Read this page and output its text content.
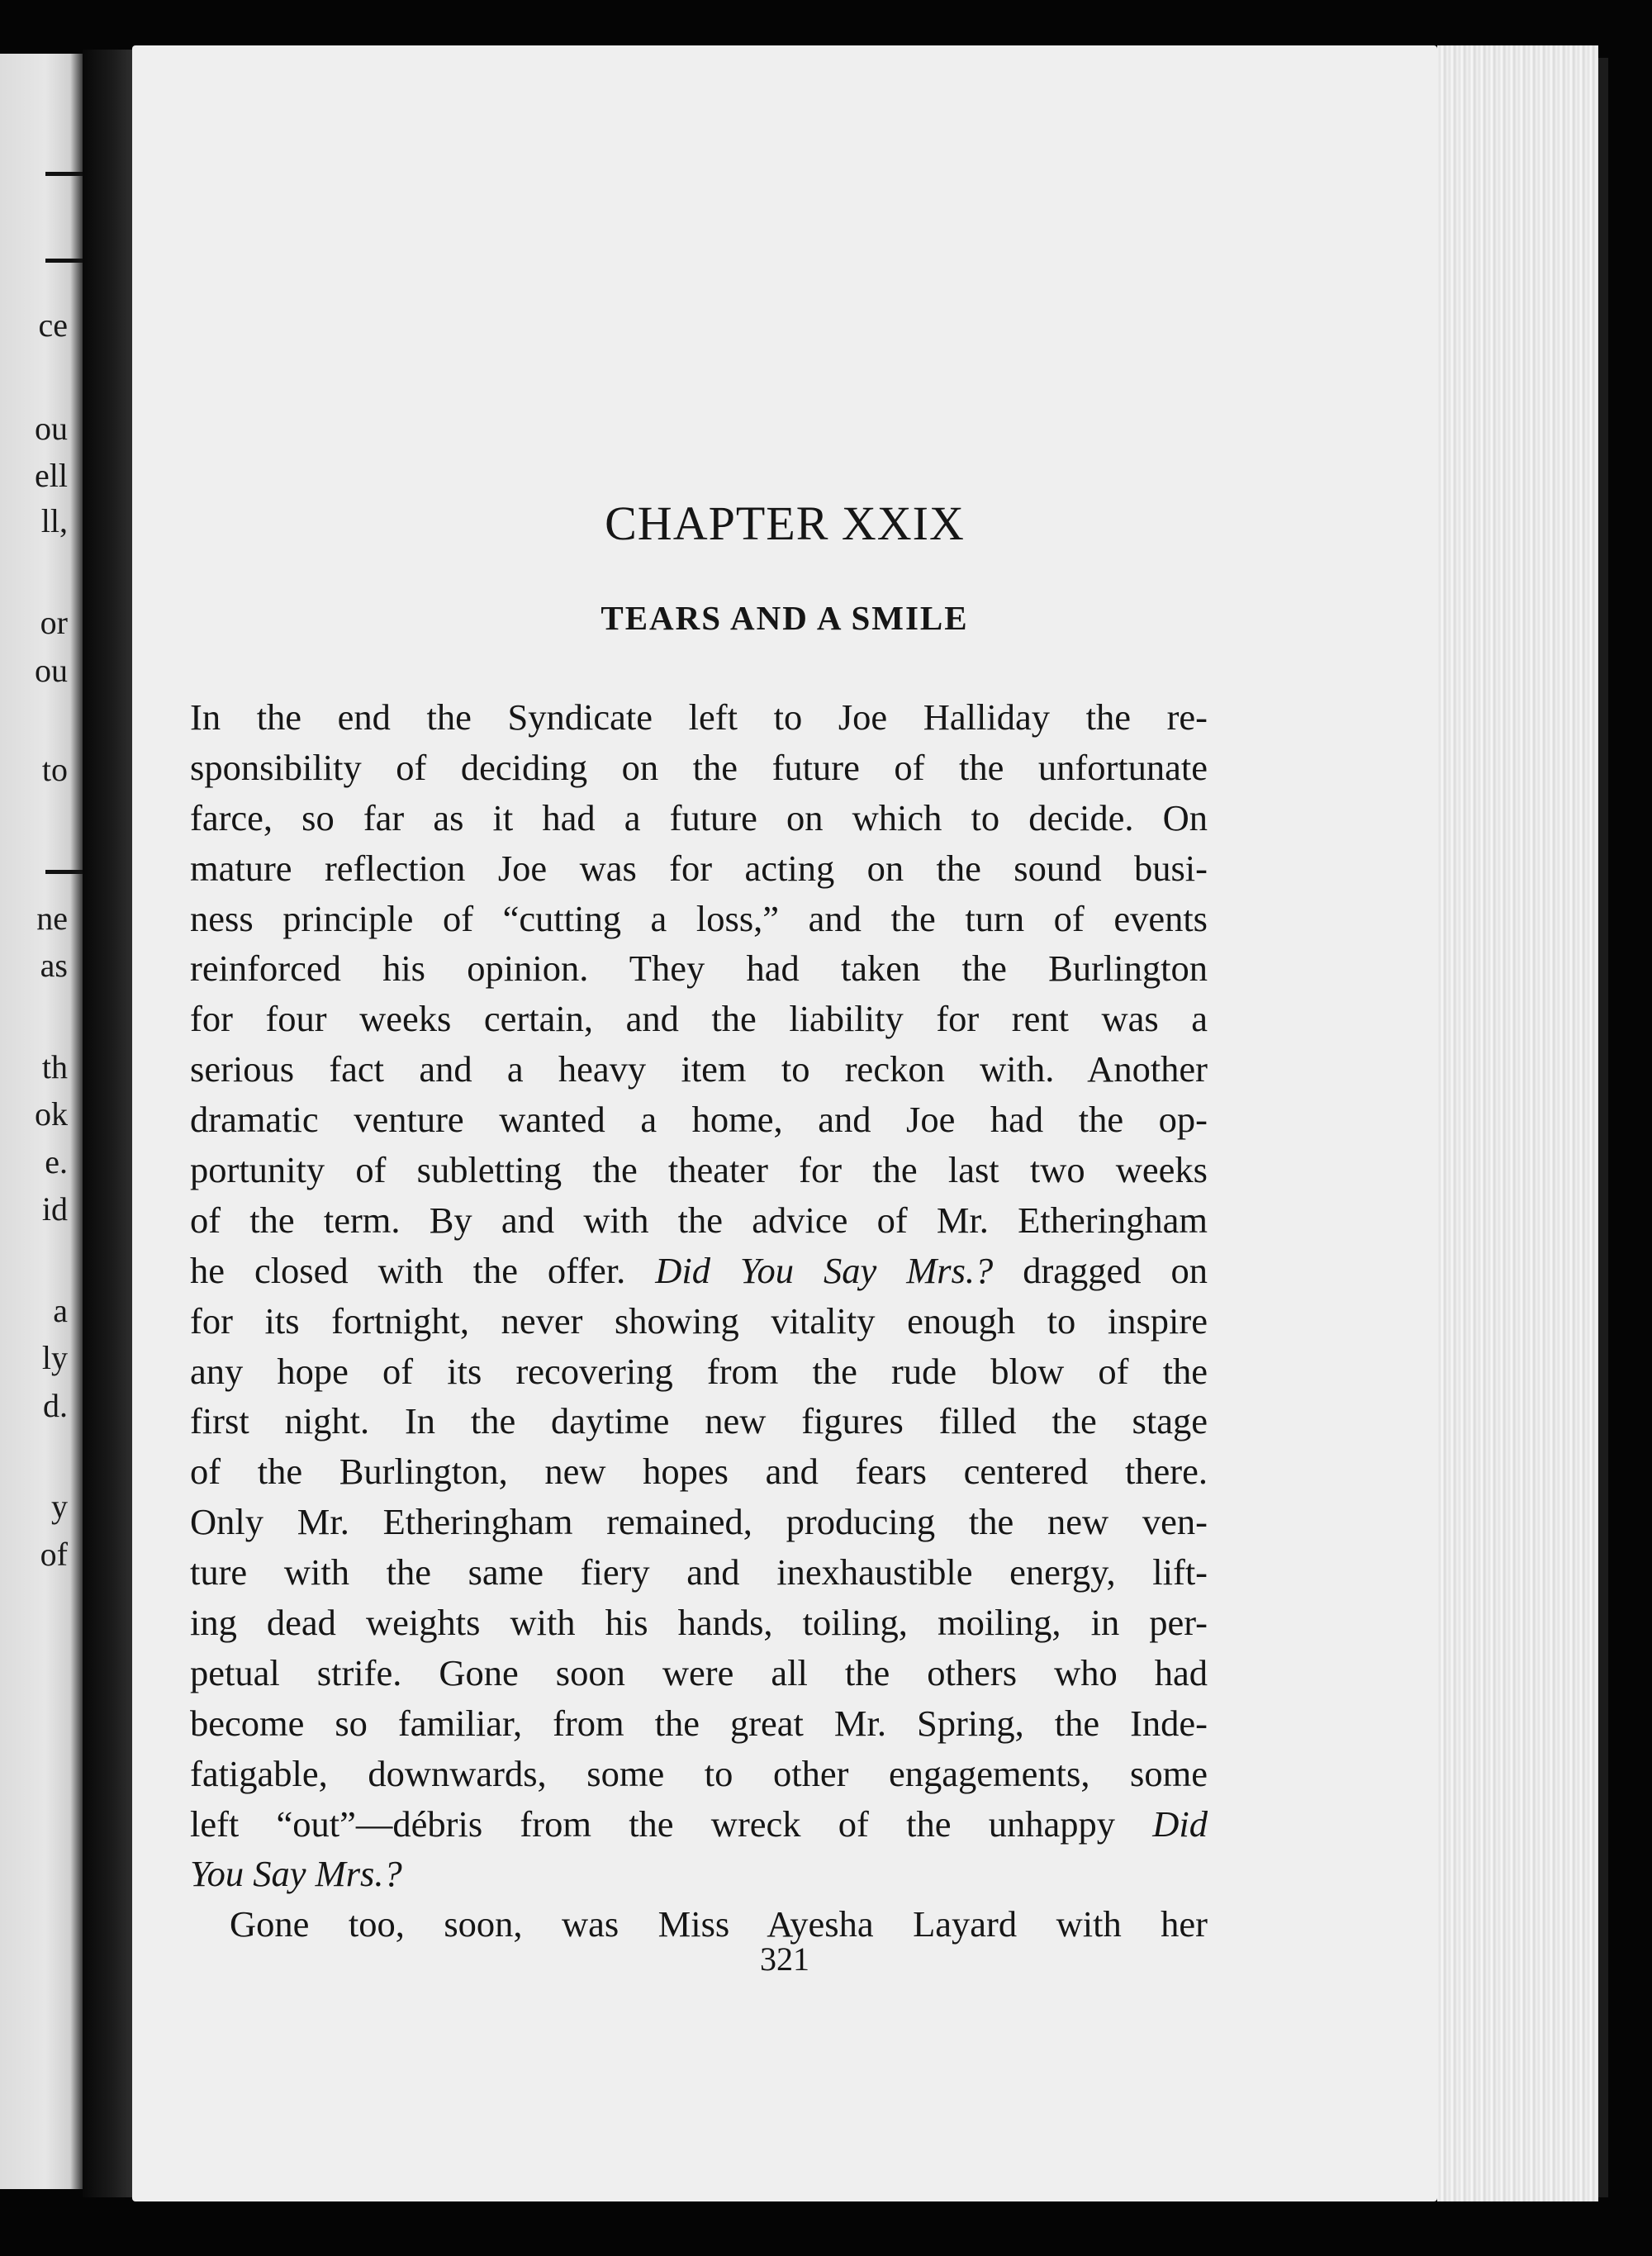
ce
ou
ell
ll,
or
ou
to
ne
as
th
ok
e.
id
a
ly
d.
y
of
CHAPTER XXIX
TEARS AND A SMILE
In the end the Syndicate left to Joe Halliday the re-
sponsibility of deciding on the future of the unfortunate
farce, so far as it had a future on which to decide. On
mature reflection Joe was for acting on the sound busi-
ness principle of “cutting a loss,” and the turn of events
reinforced his opinion. They had taken the Burlington
for four weeks certain, and the liability for rent was a
serious fact and a heavy item to reckon with. Another
dramatic venture wanted a home, and Joe had the op-
portunity of subletting the theater for the last two weeks
of the term. By and with the advice of Mr. Etheringham
he closed with the offer. Did You Say Mrs.? dragged on
for its fortnight, never showing vitality enough to inspire
any hope of its recovering from the rude blow of the
first night. In the daytime new figures filled the stage
of the Burlington, new hopes and fears centered there.
Only Mr. Etheringham remained, producing the new ven-
ture with the same fiery and inexhaustible energy, lift-
ing dead weights with his hands, toiling, moiling, in per-
petual strife. Gone soon were all the others who had
become so familiar, from the great Mr. Spring, the Inde-
fatigable, downwards, some to other engagements, some
left “out”—débris from the wreck of the unhappy Did
You Say Mrs.?
Gone too, soon, was Miss Ayesha Layard with her
321
